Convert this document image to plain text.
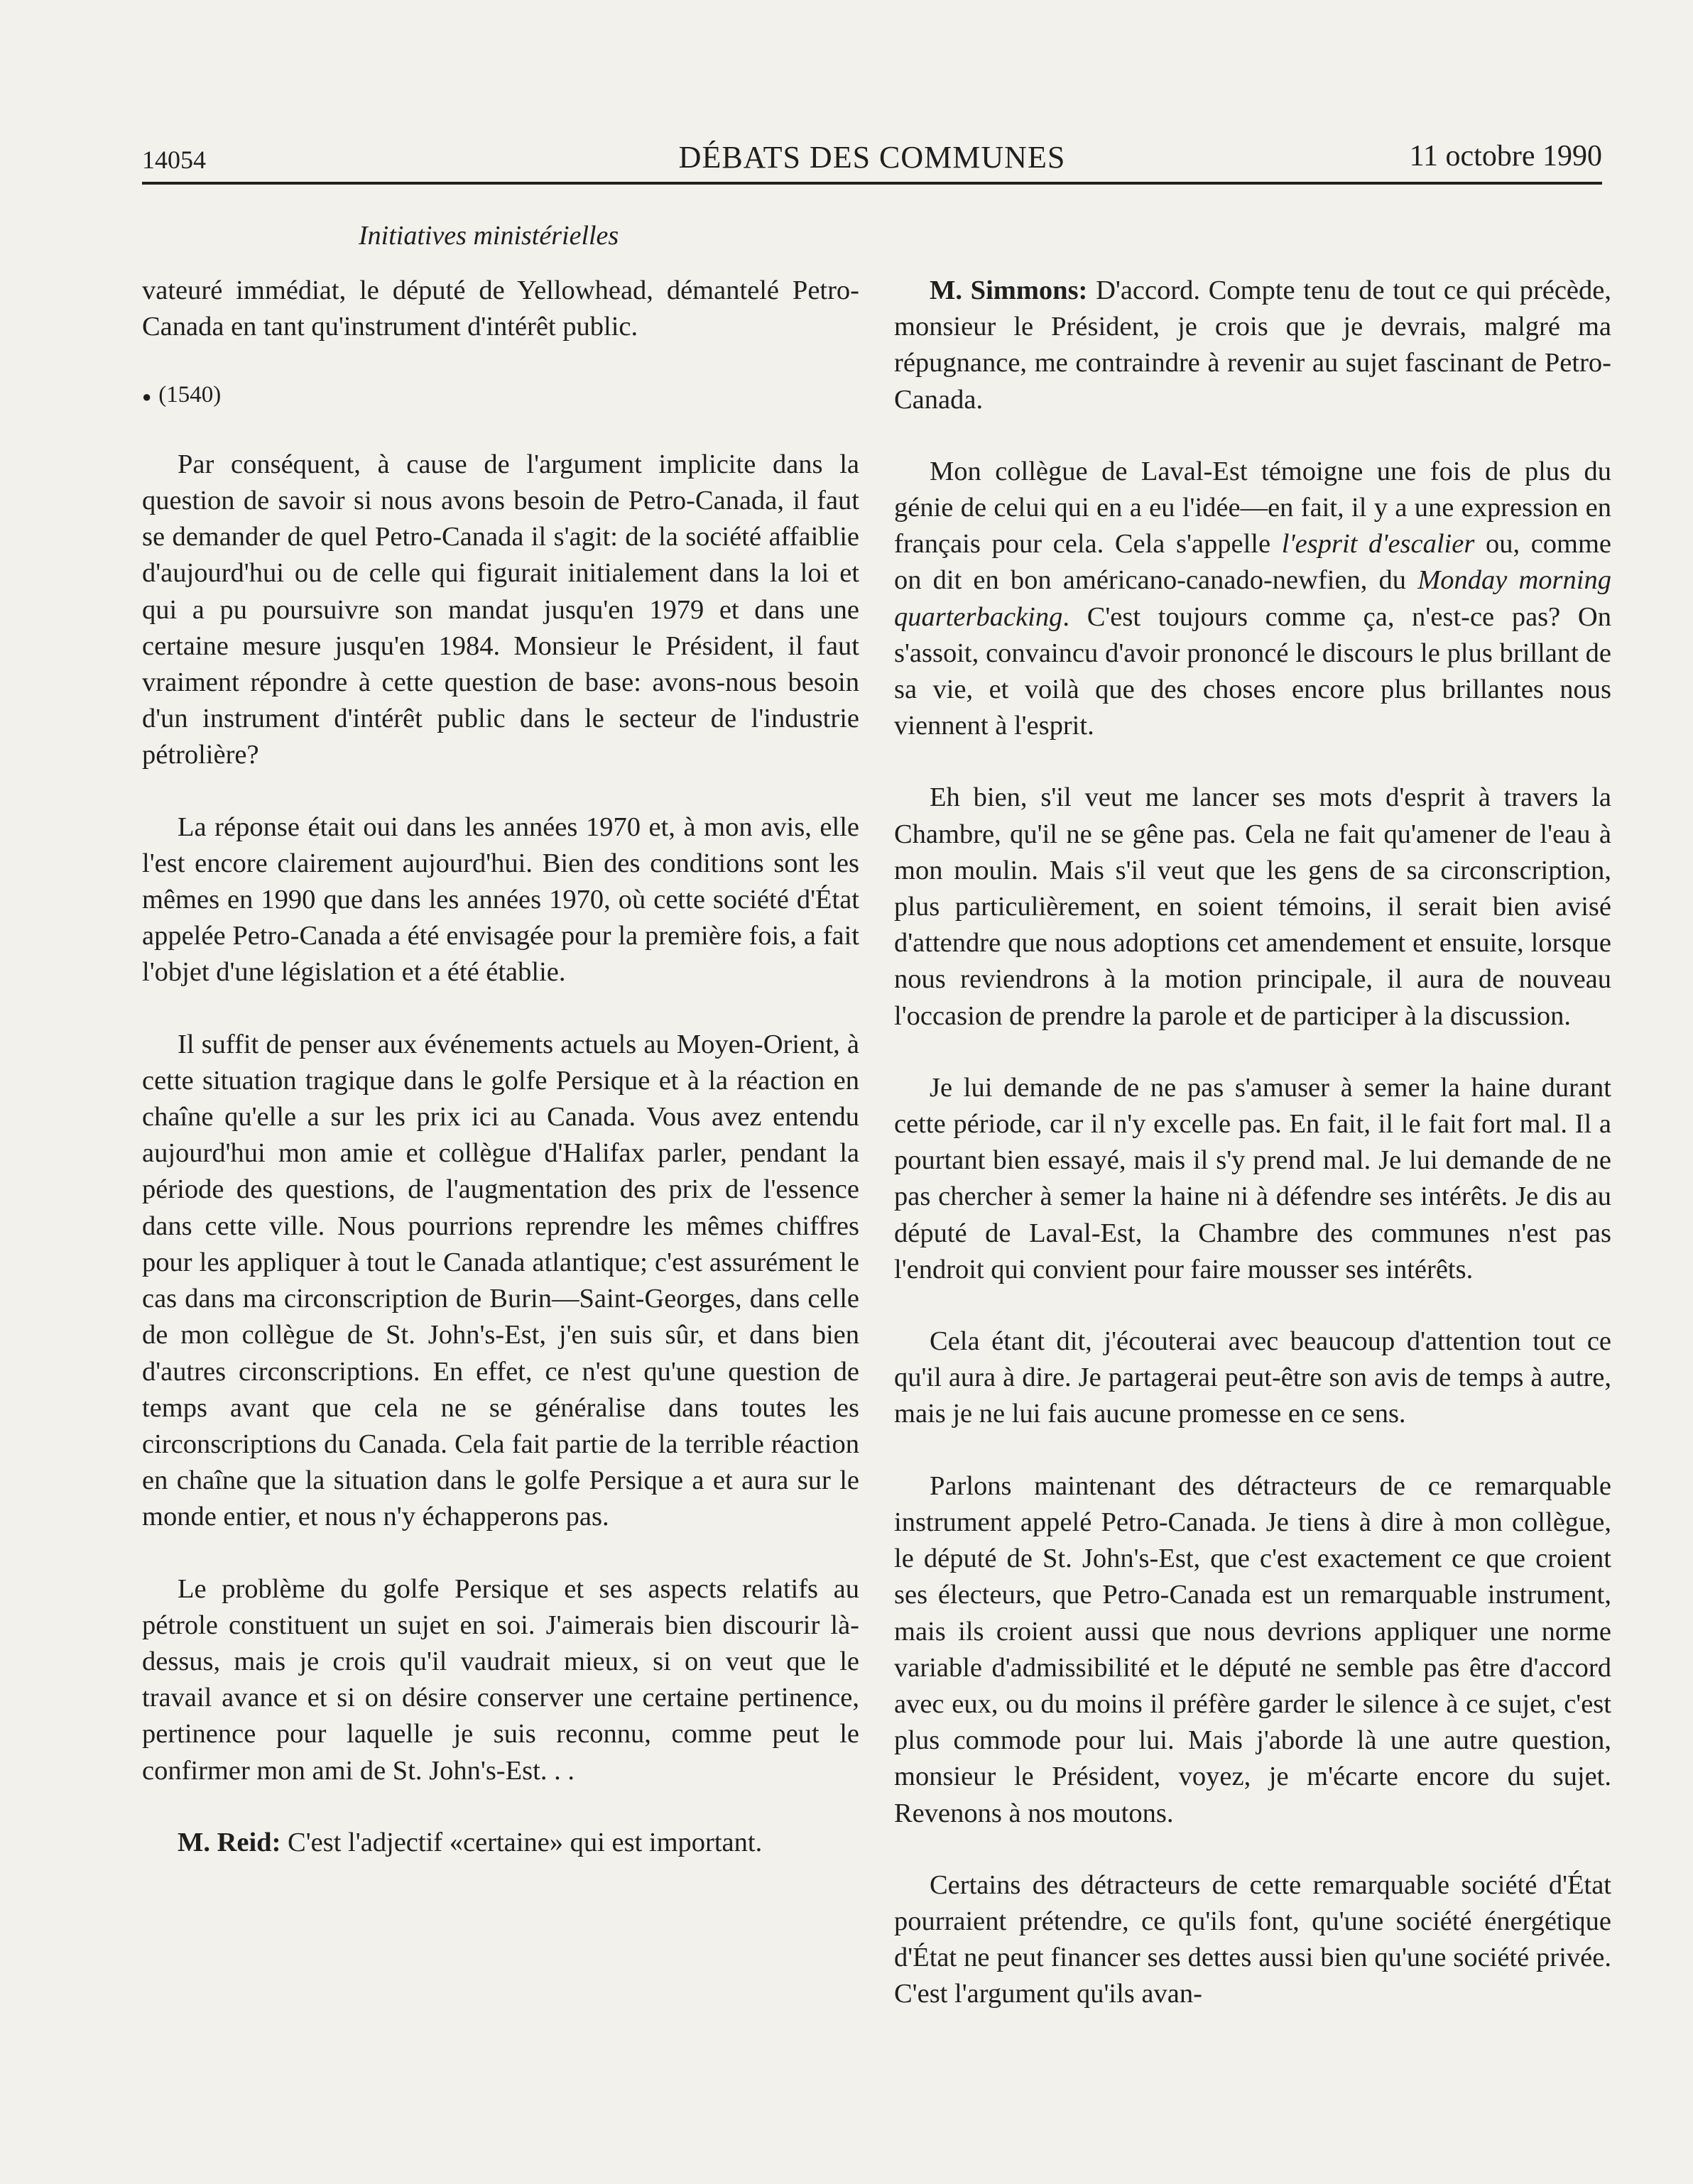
14054	DÉBATS DES COMMUNES	11 octobre 1990
Initiatives ministérielles

vateuré immédiat, le député de Yellowhead, démantelé Petro-Canada en tant qu'instrument d'intérêt public.

● (1540)

Par conséquent, à cause de l'argument implicite dans la question de savoir si nous avons besoin de Petro-Canada, il faut se demander de quel Petro-Canada il s'agit: de la société affaiblie d'aujourd'hui ou de celle qui figurait initialement dans la loi et qui a pu poursuivre son mandat jusqu'en 1979 et dans une certaine mesure jusqu'en 1984. Monsieur le Président, il faut vraiment répondre à cette question de base: avons-nous besoin d'un instrument d'intérêt public dans le secteur de l'industrie pétrolière?

La réponse était oui dans les années 1970 et, à mon avis, elle l'est encore clairement aujourd'hui. Bien des conditions sont les mêmes en 1990 que dans les années 1970, où cette société d'État appelée Petro-Canada a été envisagée pour la première fois, a fait l'objet d'une législation et a été établie.

Il suffit de penser aux événements actuels au Moyen-Orient, à cette situation tragique dans le golfe Persique et à la réaction en chaîne qu'elle a sur les prix ici au Canada. Vous avez entendu aujourd'hui mon amie et collègue d'Halifax parler, pendant la période des questions, de l'augmentation des prix de l'essence dans cette ville. Nous pourrions reprendre les mêmes chiffres pour les appliquer à tout le Canada atlantique; c'est assurément le cas dans ma circonscription de Burin—Saint-Georges, dans celle de mon collègue de St. John's-Est, j'en suis sûr, et dans bien d'autres circonscriptions. En effet, ce n'est qu'une question de temps avant que cela ne se généralise dans toutes les circonscriptions du Canada. Cela fait partie de la terrible réaction en chaîne que la situation dans le golfe Persique a et aura sur le monde entier, et nous n'y échapperons pas.

Le problème du golfe Persique et ses aspects relatifs au pétrole constituent un sujet en soi. J'aimerais bien discourir là-dessus, mais je crois qu'il vaudrait mieux, si on veut que le travail avance et si on désire conserver une certaine pertinence, pertinence pour laquelle je suis reconnu, comme peut le confirmer mon ami de St. John's-Est. . .

M. Reid: C'est l'adjectif «certaine» qui est important.

M. Simmons: D'accord. Compte tenu de tout ce qui précède, monsieur le Président, je crois que je devrais, malgré ma répugnance, me contraindre à revenir au sujet fascinant de Petro-Canada.

Mon collègue de Laval-Est témoigne une fois de plus du génie de celui qui en a eu l'idée—en fait, il y a une expression en français pour cela. Cela s'appelle l'esprit d'escalier ou, comme on dit en bon américano-canado-newfien, du Monday morning quarterbacking. C'est toujours comme ça, n'est-ce pas? On s'assoit, convaincu d'avoir prononcé le discours le plus brillant de sa vie, et voilà que des choses encore plus brillantes nous viennent à l'esprit.

Eh bien, s'il veut me lancer ses mots d'esprit à travers la Chambre, qu'il ne se gêne pas. Cela ne fait qu'amener de l'eau à mon moulin. Mais s'il veut que les gens de sa circonscription, plus particulièrement, en soient témoins, il serait bien avisé d'attendre que nous adoptions cet amendement et ensuite, lorsque nous reviendrons à la motion principale, il aura de nouveau l'occasion de prendre la parole et de participer à la discussion.

Je lui demande de ne pas s'amuser à semer la haine durant cette période, car il n'y excelle pas. En fait, il le fait fort mal. Il a pourtant bien essayé, mais il s'y prend mal. Je lui demande de ne pas chercher à semer la haine ni à défendre ses intérêts. Je dis au député de Laval-Est, la Chambre des communes n'est pas l'endroit qui convient pour faire mousser ses intérêts.

Cela étant dit, j'écouterai avec beaucoup d'attention tout ce qu'il aura à dire. Je partagerai peut-être son avis de temps à autre, mais je ne lui fais aucune promesse en ce sens.

Parlons maintenant des détracteurs de ce remarquable instrument appelé Petro-Canada. Je tiens à dire à mon collègue, le député de St. John's-Est, que c'est exactement ce que croient ses électeurs, que Petro-Canada est un remarquable instrument, mais ils croient aussi que nous devrions appliquer une norme variable d'admissibilité et le député ne semble pas être d'accord avec eux, ou du moins il préfère garder le silence à ce sujet, c'est plus commode pour lui. Mais j'aborde là une autre question, monsieur le Président, voyez, je m'écarte encore du sujet. Revenons à nos moutons.

Certains des détracteurs de cette remarquable société d'État pourraient prétendre, ce qu'ils font, qu'une société énergétique d'État ne peut financer ses dettes aussi bien qu'une société privée. C'est l'argument qu'ils avan-
